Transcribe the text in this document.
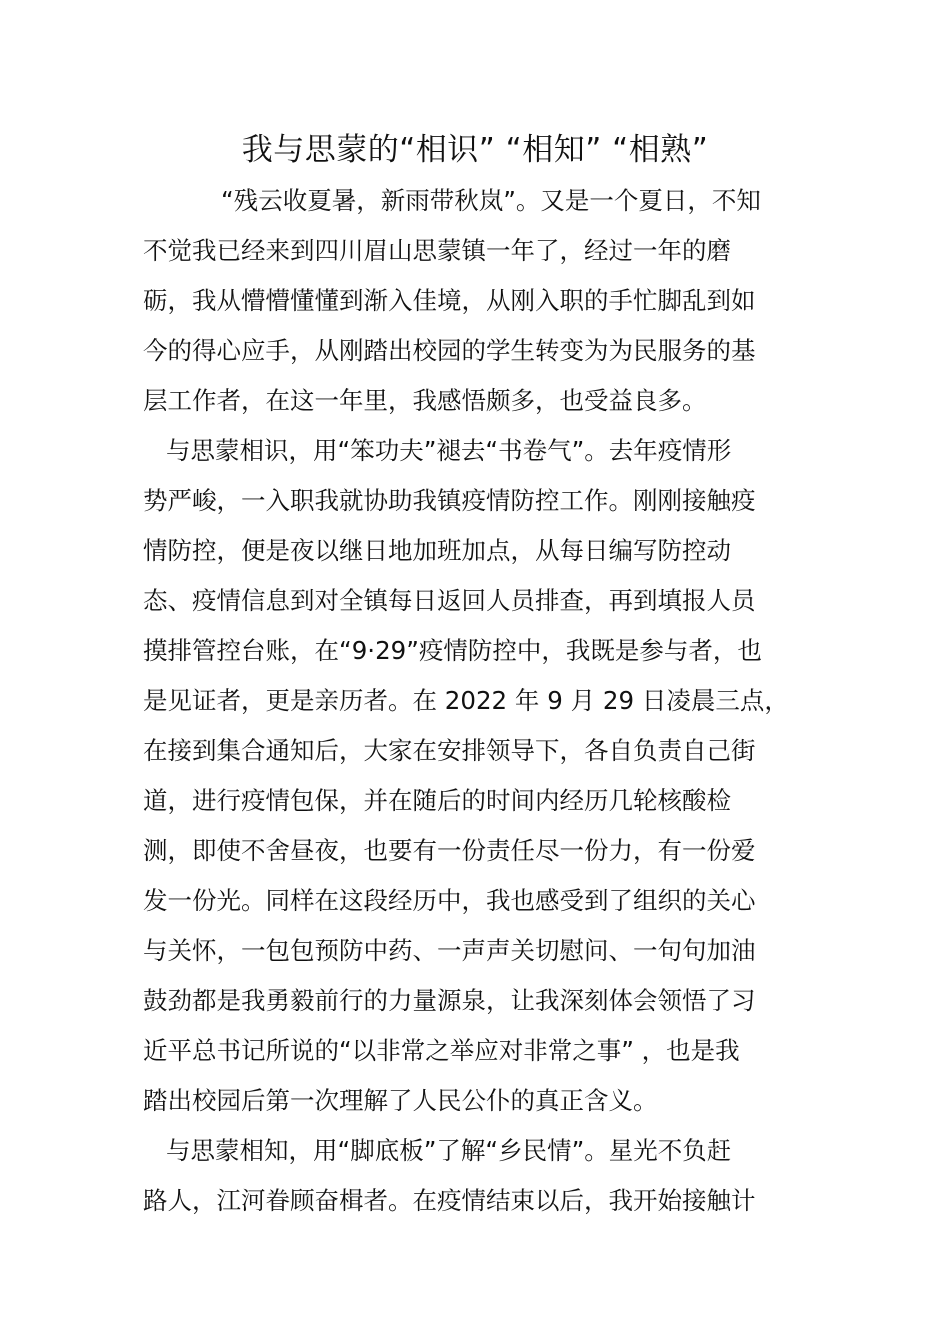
我与思蒙的“相识” “相知” “相熟”
“残云收夏暑，新雨带秋岚”。又是一个夏日，不知
不觉我已经来到四川眉山思蒙镇一年了，经过一年的磨
砺，我从懵懵懂懂到渐入佳境，从刚入职的手忙脚乱到如
今的得心应手，从刚踏出校园的学生转变为为民服务的基
层工作者，在这一年里，我感悟颇多，也受益良多。
与思蒙相识，用“笨功夫”褪去“书卷气”。去年疫情形
势严峻，一入职我就协助我镇疫情防控工作。刚刚接触疫
情防控，便是夜以继日地加班加点，从每日编写防控动
态、疫情信息到对全镇每日返回人员排查，再到填报人员
摸排管控台账，在“9·29”疫情防控中，我既是参与者，也
是见证者，更是亲历者。在 2022 年 9 月 29 日凌晨三点，
在接到集合通知后，大家在安排领导下，各自负责自己街
道，进行疫情包保，并在随后的时间内经历几轮核酸检
测，即使不舍昼夜，也要有一份责任尽一份力，有一份爱
发一份光。同样在这段经历中，我也感受到了组织的关心
与关怀，一包包预防中药、一声声关切慰问、一句句加油
鼓劲都是我勇毅前行的力量源泉，让我深刻体会领悟了习
近平总书记所说的“以非常之举应对非常之事” ，也是我
踏出校园后第一次理解了人民公仆的真正含义。
与思蒙相知，用“脚底板”了解“乡民情”。星光不负赶
路人，江河眷顾奋楫者。在疫情结束以后，我开始接触计
